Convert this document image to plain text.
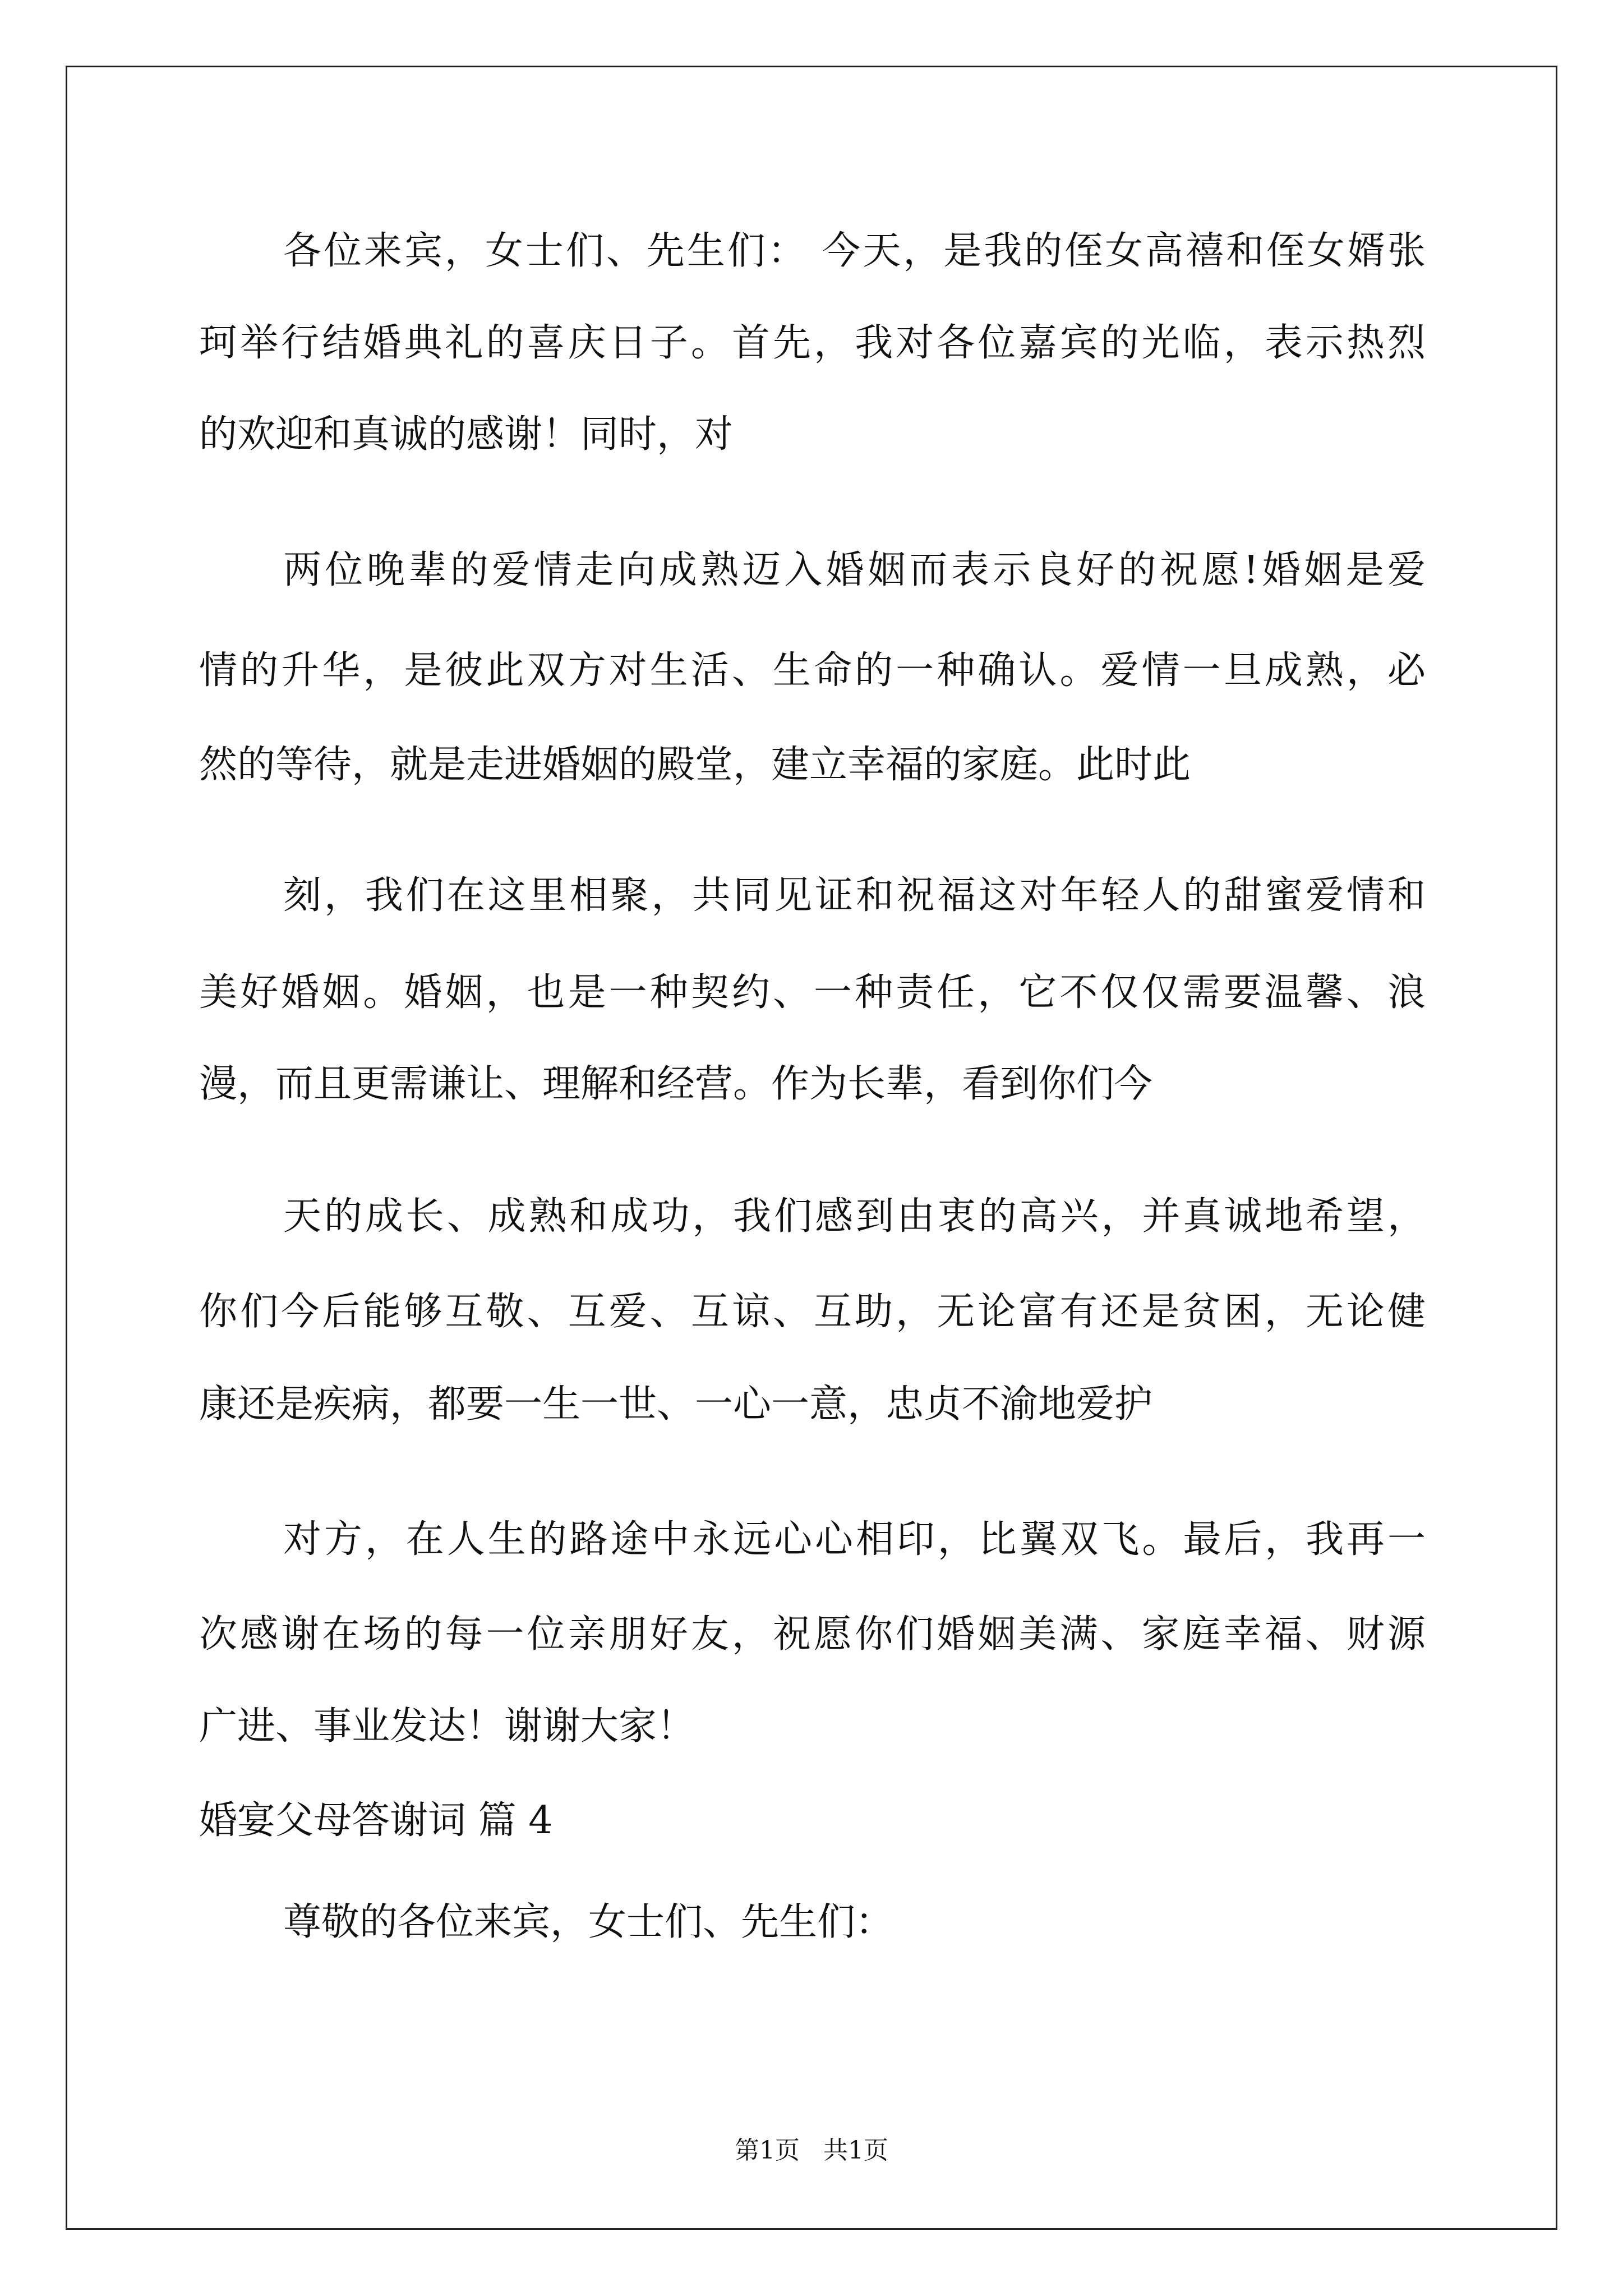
各位来宾，女士们、先生们： 今天，是我的侄女高禧和侄女婿张
珂举行结婚典礼的喜庆日子。首先，我对各位嘉宾的光临，表示热烈
的欢迎和真诚的感谢！同时，对
两位晚辈的爱情走向成熟迈入婚姻而表示良好的祝愿!婚姻是爱
情的升华，是彼此双方对生活、生命的一种确认。爱情一旦成熟，必
然的等待，就是走进婚姻的殿堂，建立幸福的家庭。此时此
刻，我们在这里相聚，共同见证和祝福这对年轻人的甜蜜爱情和
美好婚姻。婚姻，也是一种契约、一种责任，它不仅仅需要温馨、浪
漫，而且更需谦让、理解和经营。作为长辈，看到你们今
天的成长、成熟和成功，我们感到由衷的高兴，并真诚地希望，
你们今后能够互敬、互爱、互谅、互助，无论富有还是贫困，无论健
康还是疾病，都要一生一世、一心一意，忠贞不渝地爱护
对方，在人生的路途中永远心心相印，比翼双飞。最后，我再一
次感谢在场的每一位亲朋好友，祝愿你们婚姻美满、家庭幸福、财源
广进、事业发达！谢谢大家！
婚宴父母答谢词 篇 4
尊敬的各位来宾，女士们、先生们：
第1页   共1页
